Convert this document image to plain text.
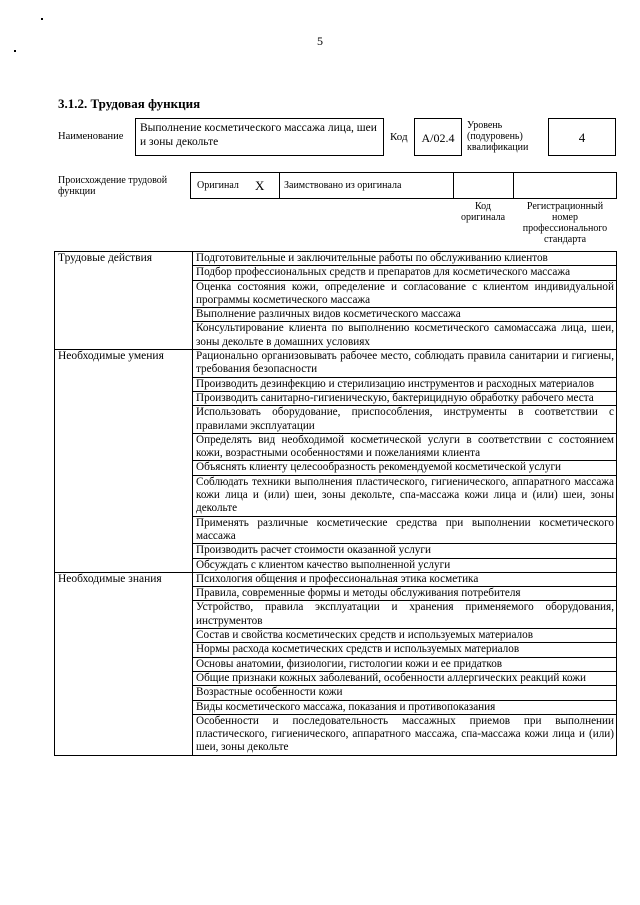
5
3.1.2. Трудовая функция
Наименование
Выполнение косметического массажа лица, шеи и зоны декольте	Код	А/02.4
Уровень (подуровень) квалификации
4
Происхождение трудовой функции
Оригинал X Заимствовано из оригинала
Код оригинала
Регистрационный номер профессионального стандарта
Трудовые действия	Подготовительные и заключительные работы по обслуживанию клиентов
	Подбор профессиональных средств и препаратов для косметического массажа
	Оценка состояния кожи, определение и согласование с клиентом индивидуальной программы косметического массажа
	Выполнение различных видов косметического массажа
	Консультирование клиента по выполнению косметического самомассажа лица, шеи, зоны декольте в домашних условиях
Необходимые умения	Рационально организовывать рабочее место, соблюдать правила санитарии и гигиены, требования безопасности
	Производить дезинфекцию и стерилизацию инструментов и расходных материалов
	Производить санитарно-гигиеническую, бактерицидную обработку рабочего места
	Использовать оборудование, приспособления, инструменты в соответствии с правилами эксплуатации
	Определять вид необходимой косметической услуги в соответствии с состоянием кожи, возрастными особенностями и пожеланиями клиента
	Объяснять клиенту целесообразность рекомендуемой косметической услуги
	Соблюдать техники выполнения пластического, гигиенического, аппаратного массажа кожи лица и (или) шеи, зоны декольте, спа-массажа кожи лица и (или) шеи, зоны декольте
	Применять различные косметические средства при выполнении косметического массажа
	Производить расчет стоимости оказанной услуги
	Обсуждать с клиентом качество выполненной услуги
Необходимые знания	Психология общения и профессиональная этика косметика
	Правила, современные формы и методы обслуживания потребителя
	Устройство, правила эксплуатации и хранения применяемого оборудования, инструментов
	Состав и свойства косметических средств и используемых материалов
	Нормы расхода косметических средств и используемых материалов
	Основы анатомии, физиологии, гистологии кожи и ее придатков
	Общие признаки кожных заболеваний, особенности аллергических реакций кожи
	Возрастные особенности кожи
	Виды косметического массажа, показания и противопоказания
	Особенности и последовательность массажных приемов при выполнении пластического, гигиенического, аппаратного массажа, спа-массажа кожи лица и (или) шеи, зоны декольте
